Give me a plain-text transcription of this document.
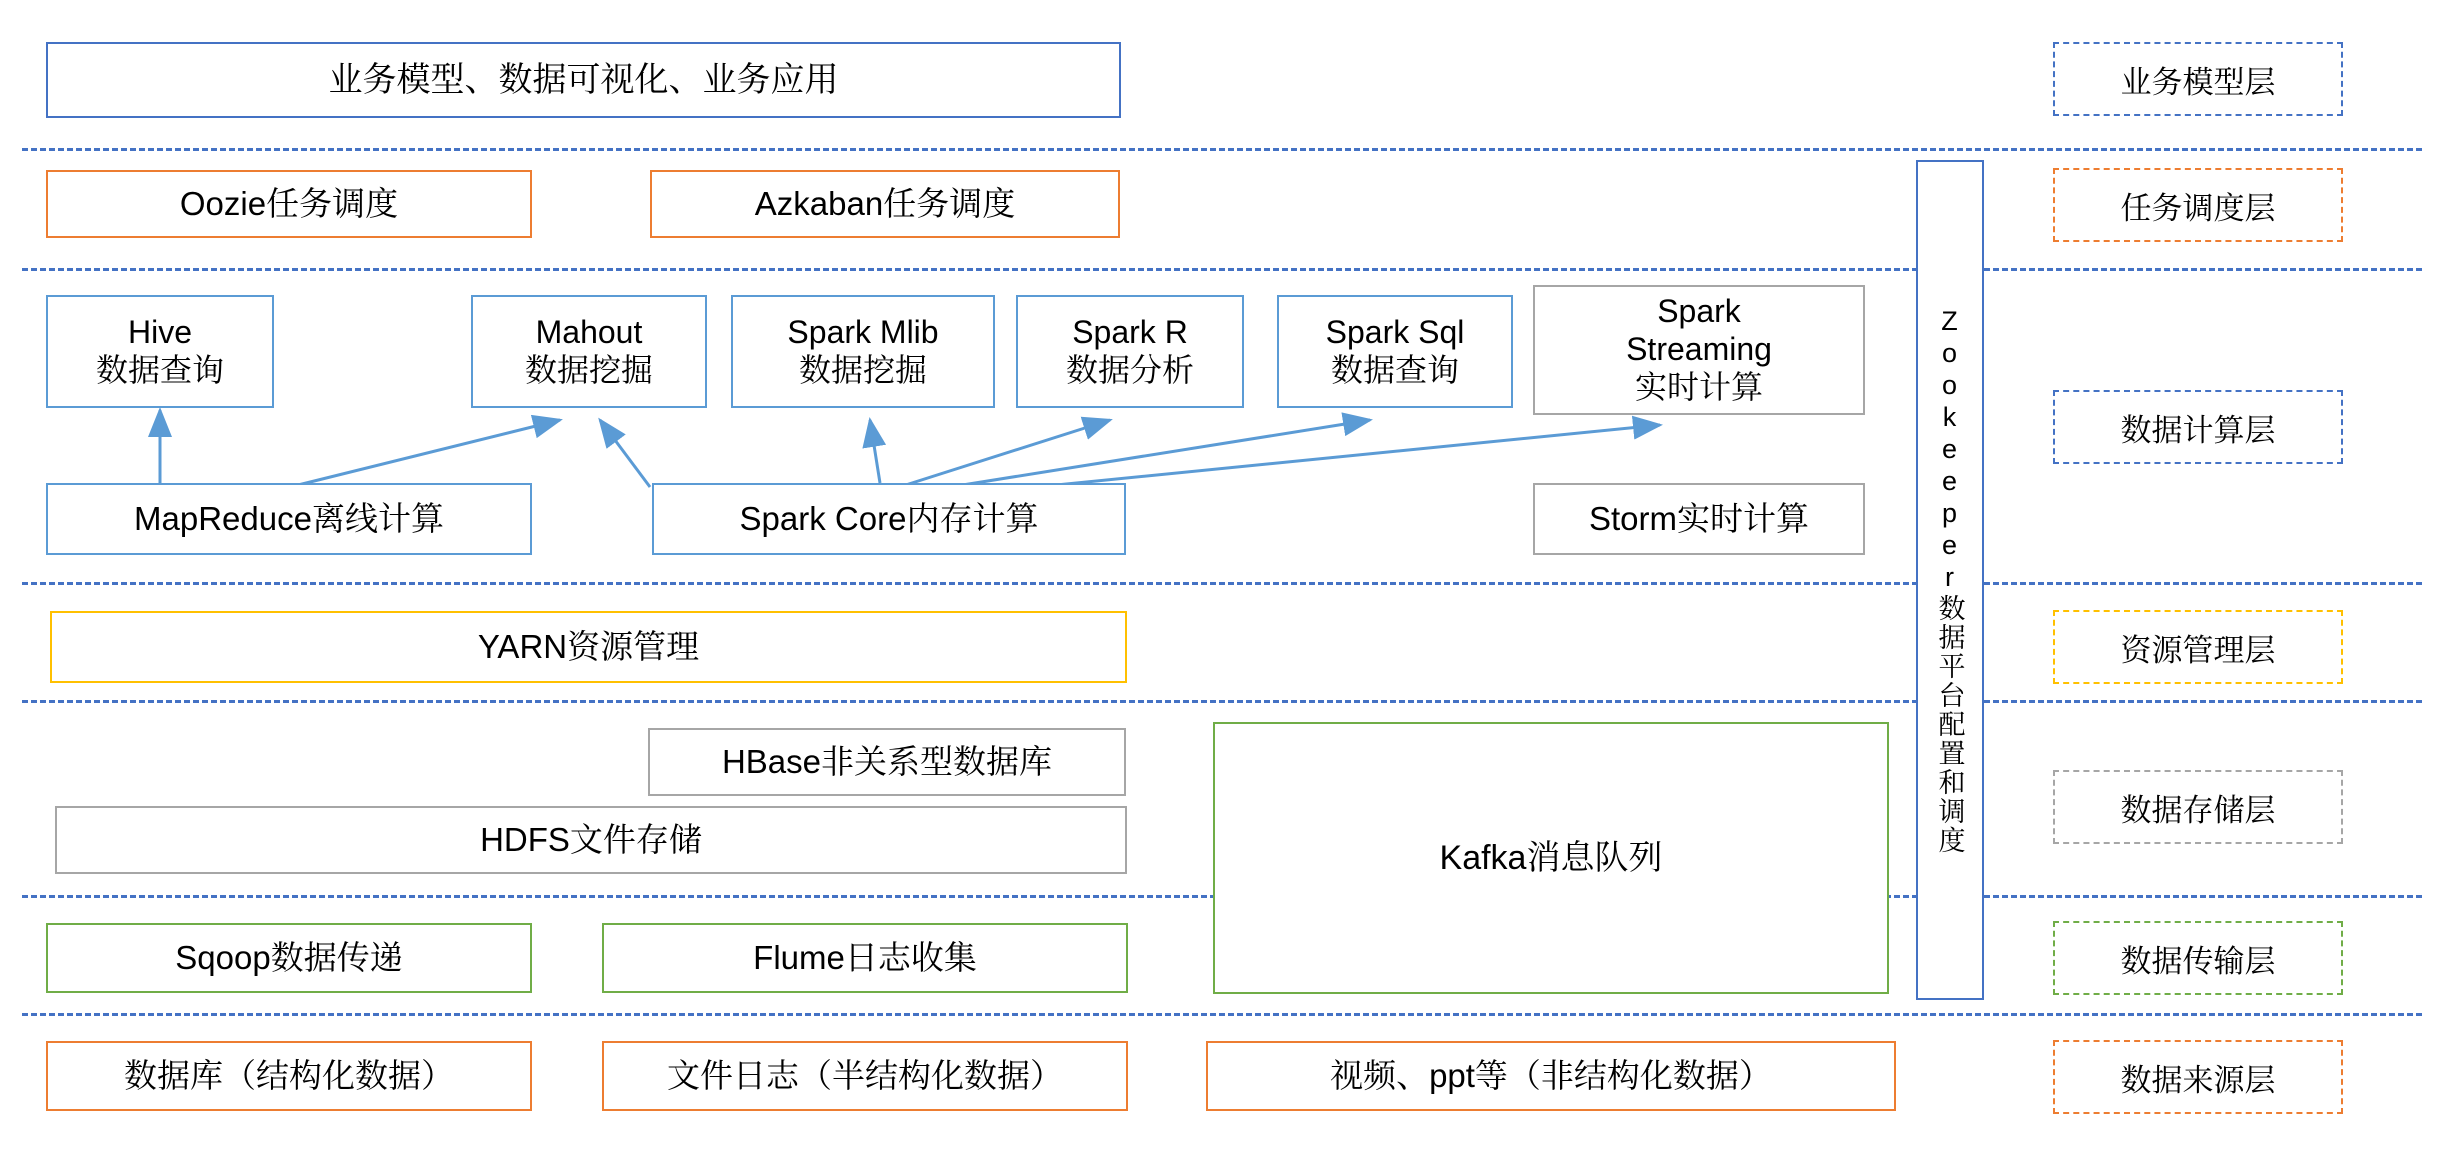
Zookeeper数据平台配置和调度
业务模型层
任务调度层
数据计算层
资源管理层
数据存储层
数据传输层
数据来源层
业务模型、数据可视化、业务应用
Oozie任务调度	Azkaban任务调度
Hive
数据查询
Mahout
数据挖掘
Spark Mlib
数据挖掘
Spark R
数据分析
Spark Sql
数据查询
Spark Streaming
实时计算
MapReduce离线计算	Spark Core内存计算	Storm实时计算
YARN资源管理
HBase非关系型数据库
HDFS文件存储	Kafka消息队列
Sqoop数据传递	Flume日志收集
数据库（结构化数据）	文件日志（半结构化数据）	视频、ppt等（非结构化数据）
